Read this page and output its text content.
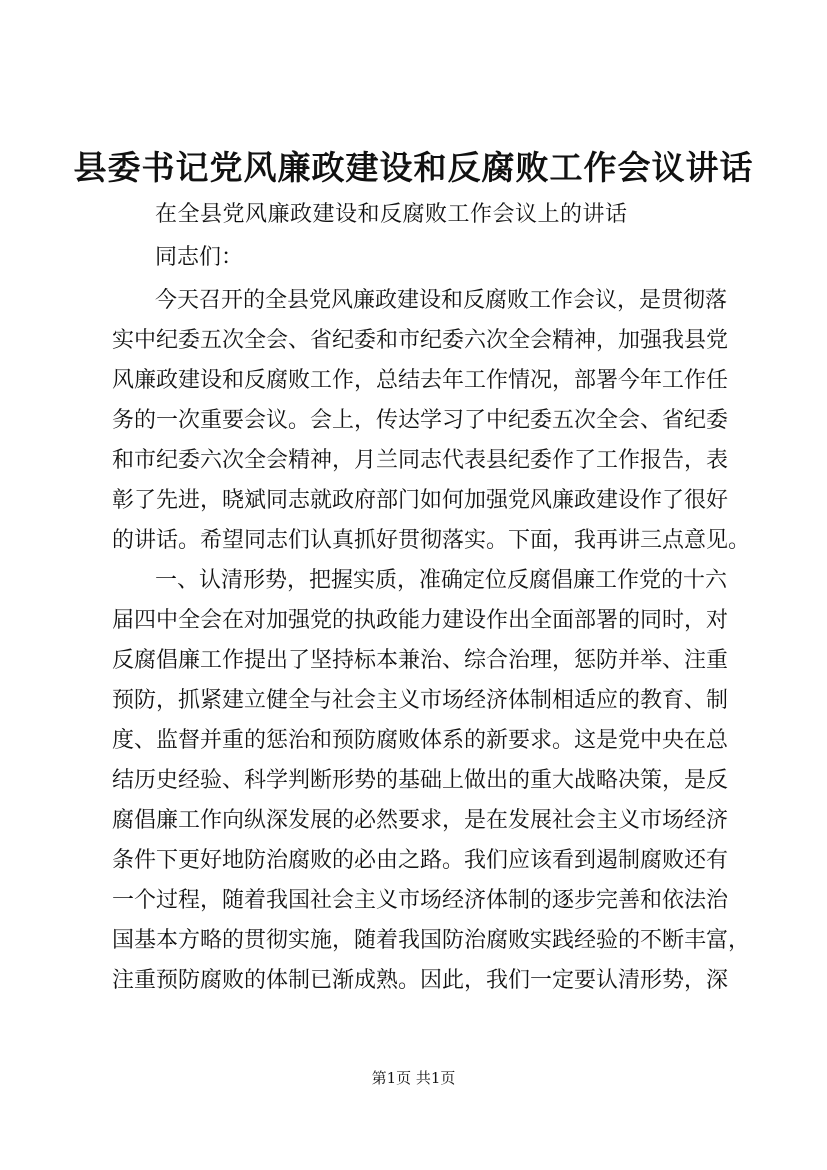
县委书记党风廉政建设和反腐败工作会议讲话
在全县党风廉政建设和反腐败工作会议上的讲话
同志们：
今天召开的全县党风廉政建设和反腐败工作会议，是贯彻落
实中纪委五次全会、省纪委和市纪委六次全会精神，加强我县党
风廉政建设和反腐败工作，总结去年工作情况，部署今年工作任
务的一次重要会议。会上，传达学习了中纪委五次全会、省纪委
和市纪委六次全会精神，月兰同志代表县纪委作了工作报告，表
彰了先进，晓斌同志就政府部门如何加强党风廉政建设作了很好
的讲话。希望同志们认真抓好贯彻落实。下面，我再讲三点意见。
一、认清形势，把握实质，准确定位反腐倡廉工作党的十六
届四中全会在对加强党的执政能力建设作出全面部署的同时，对
反腐倡廉工作提出了坚持标本兼治、综合治理，惩防并举、注重
预防，抓紧建立健全与社会主义市场经济体制相适应的教育、制
度、监督并重的惩治和预防腐败体系的新要求。这是党中央在总
结历史经验、科学判断形势的基础上做出的重大战略决策，是反
腐倡廉工作向纵深发展的必然要求，是在发展社会主义市场经济
条件下更好地防治腐败的必由之路。我们应该看到遏制腐败还有
一个过程，随着我国社会主义市场经济体制的逐步完善和依法治
国基本方略的贯彻实施，随着我国防治腐败实践经验的不断丰富，
注重预防腐败的体制已渐成熟。因此，我们一定要认清形势，深
第1页 共1页
